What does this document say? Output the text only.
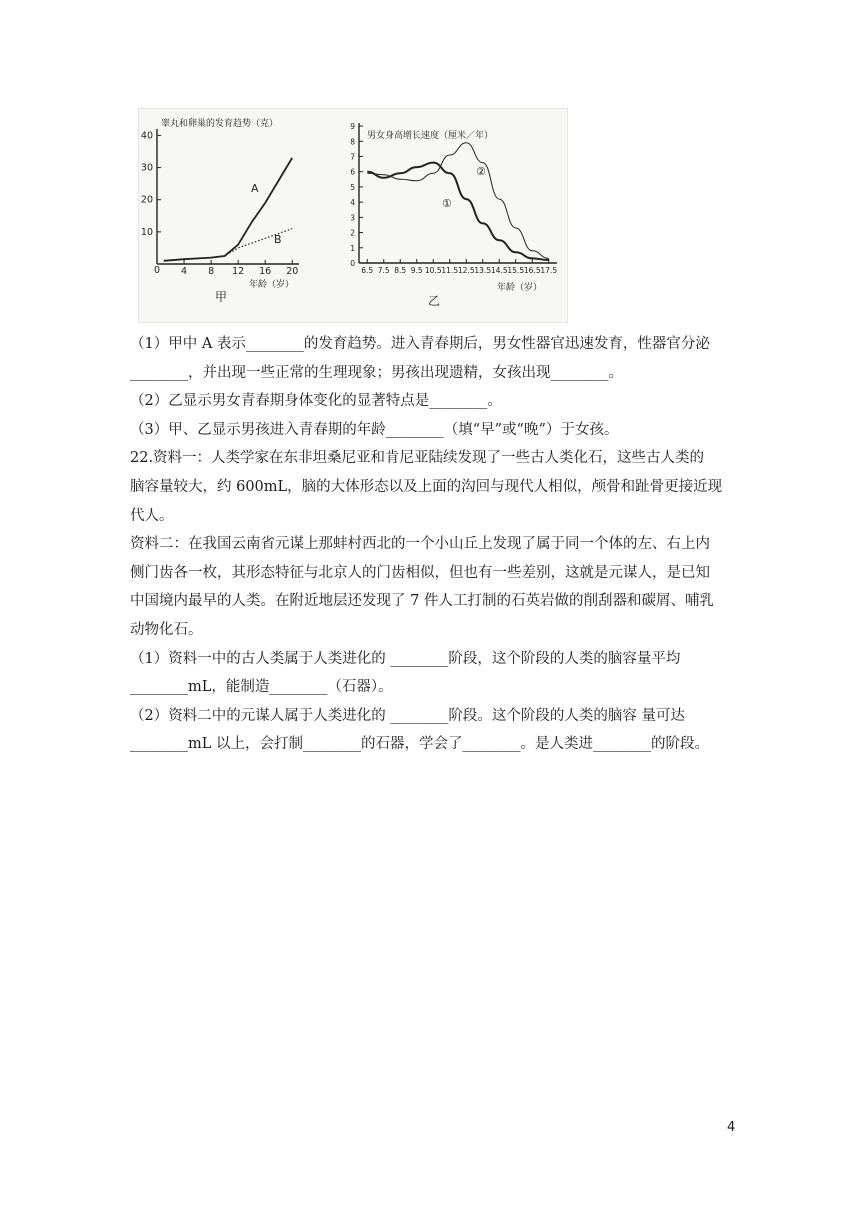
睾丸和卵巢的发育趋势（克）
0
10
20
30
40
4 8 12 16 20
年龄（岁）
甲
A
B
男女身高增长速度（厘米／年）
0
1
2
3
4
5
6
7
8
9
6.5 7.5 8.5 9.5 10.5 11.5 12.5 13.5 14.5 15.5 16.5 17.5
年龄（岁）
乙
①
②
（1）甲中 A 表示________的发育趋势。进入青春期后，男女性器官迅速发育，性器官分泌
________，并出现一些正常的生理现象；男孩出现遗精，女孩出现________。
（2）乙显示男女青春期身体变化的显著特点是________。
（3）甲、乙显示男孩进入青春期的年龄________（填“早”或“晚”）于女孩。
22.资料一：人类学家在东非坦桑尼亚和肯尼亚陆续发现了一些古人类化石，这些古人类的
脑容量较大，约 600mL，脑的大体形态以及上面的沟回与现代人相似，颅骨和趾骨更接近现
代人。
资料二：在我国云南省元谋上那蚌村西北的一个小山丘上发现了属于同一个体的左、右上内
侧门齿各一枚，其形态特征与北京人的门齿相似，但也有一些差别，这就是元谋人，是已知
中国境内最早的人类。在附近地层还发现了 7 件人工打制的石英岩做的削刮器和碳屑、哺乳
动物化石。
（1）资料一中的古人类属于人类进化的 ________阶段，这个阶段的人类的脑容量平均
________mL，能制造________（石器）。
（2）资料二中的元谋人属于人类进化的 ________阶段。这个阶段的人类的脑容 量可达
________mL 以上，会打制________的石器，学会了________。是人类进________的阶段。
4
